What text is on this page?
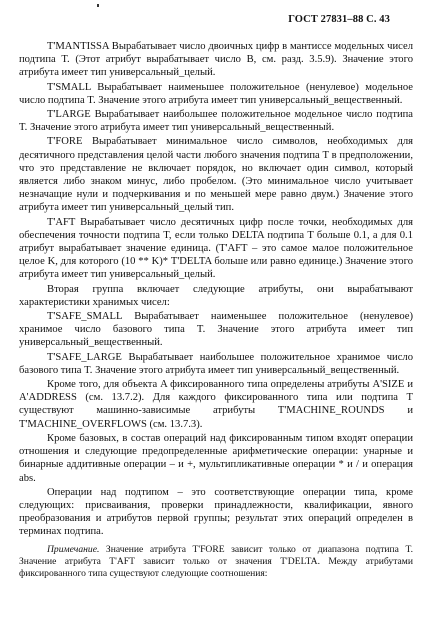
ГОСТ 27831–88 С. 43

T'MANTISSA Вырабатывает число двоичных цифр в мантиссе модельных чисел подтипа T. (Этот атрибут вырабатывает число B, см. разд. 3.5.9). Значение этого атрибута имеет тип универсальный_целый.

T'SMALL Вырабатывает наименьшее положительное (ненулевое) модельное число подтипа T. Значение этого атрибута имеет тип универсальный_вещественный.

T'LARGE Вырабатывает наибольшее положительное модельное число подтипа T. Значение этого атрибута имеет тип универсальный_вещественный.

T'FORE Вырабатывает минимальное число символов, необходимых для десятичного представления целой части любого значения подтипа T в предположении, что это представление не включает порядок, но включает один символ, который является либо знаком минус, либо пробелом. (Это минимальное число учитывает незначащие нули и подчеркивания и по меньшей мере равно двум.) Значение этого атрибута имеет тип универсальный_целый тип.

T'AFT Вырабатывает число десятичных цифр после точки, необходимых для обеспечения точности подтипа T, если только DELTA подтипа T больше 0.1, а для 0.1 атрибут вырабатывает значение единица. (T'AFT – это самое малое положительное целое K, для которого (10 ** K)* T'DELTA больше или равно единице.) Значение этого атрибута имеет тип универсальный_целый.

Вторая группа включает следующие атрибуты, они вырабатывают характеристики хранимых чисел:

T'SAFE_SMALL Вырабатывает наименьшее положительное (ненулевое) хранимое число базового типа T. Значение этого атрибута имеет тип универсальный_вещественный.

T'SAFE_LARGE Вырабатывает наибольшее положительное хранимое число базового типа T. Значение этого атрибута имеет тип универсальный_вещественный.

Кроме того, для объекта A фиксированного типа определены атрибуты A'SIZE и A'ADDRESS (см. 13.7.2). Для каждого фиксированного типа или подтипа T существуют машинно-зависимые атрибуты T'MACHINE_ROUNDS и T'MACHINE_OVERFLOWS (см. 13.7.3).

Кроме базовых, в состав операций над фиксированным типом входят операции отношения и следующие предопределенные арифметические операции: унарные и бинарные аддитивные операции – и +, мультипликативные операции * и / и операция abs.

Операции над подтипом – это соответствующие операции типа, кроме следующих: присваивания, проверки принадлежности, квалификации, явного преобразования и атрибутов первой группы; результат этих операций определен в терминах подтипа.

Примечание. Значение атрибута T'FORE зависит только от диапазона подтипа T. Значение атрибута T'AFT зависит только от значения T'DELTA. Между атрибутами фиксированного типа существуют следующие соотношения:
